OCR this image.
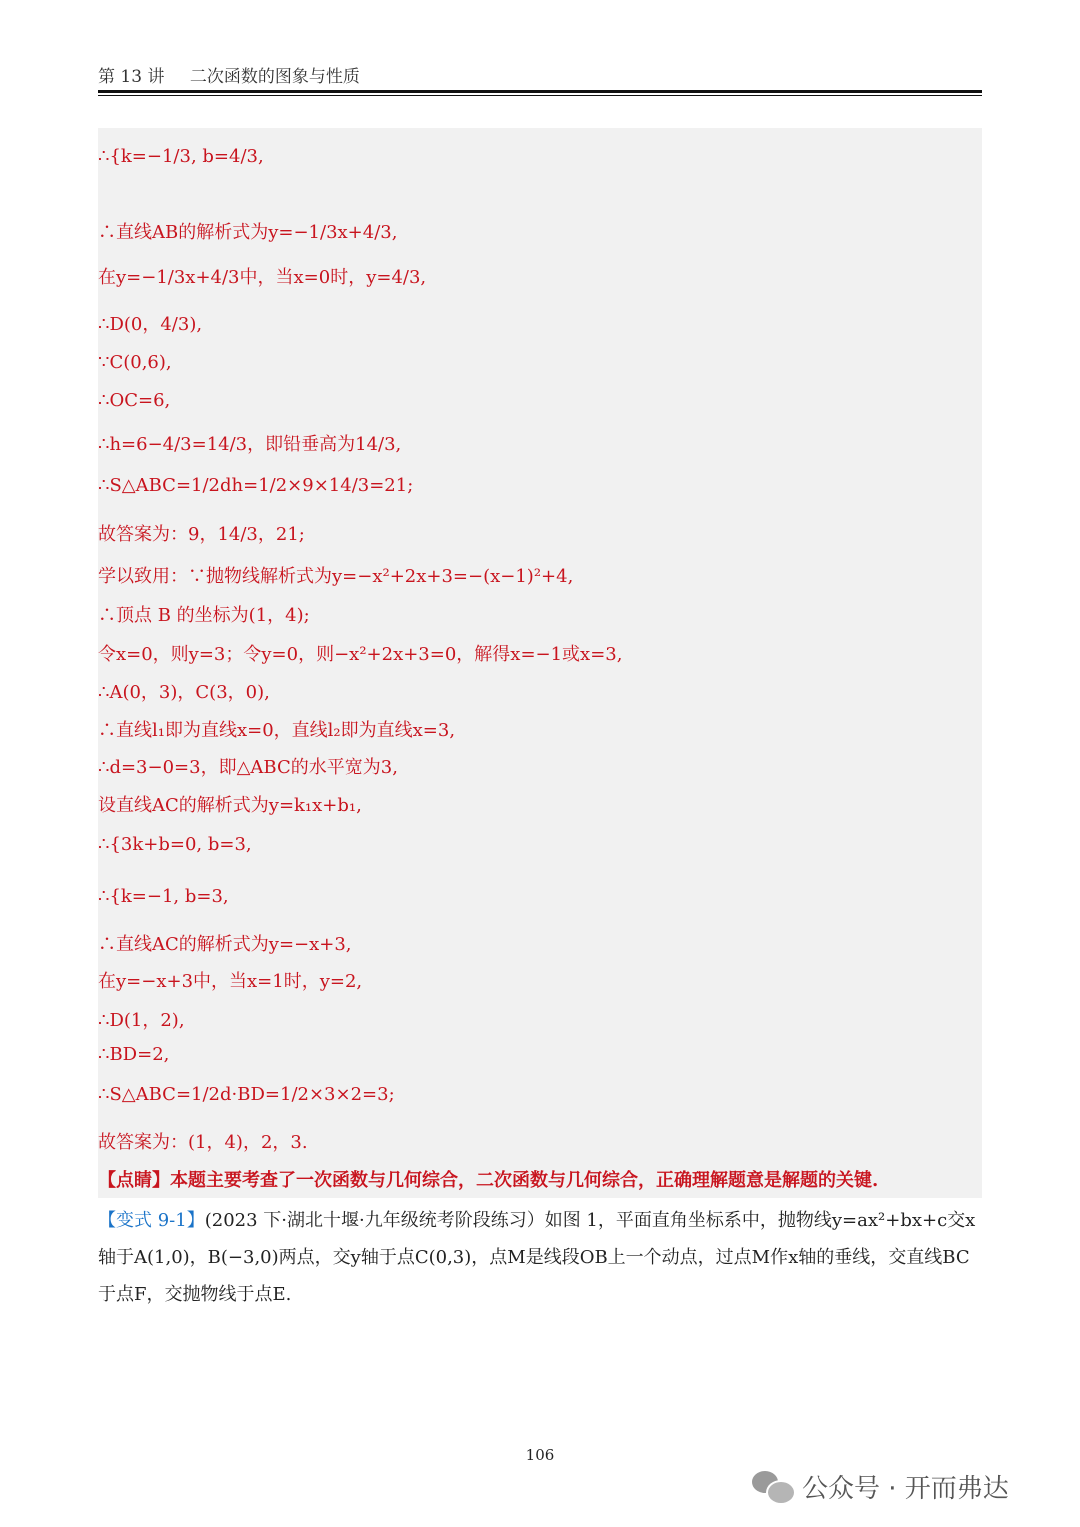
第 13 讲 二次函数的图象与性质
∴{k=−1/3, b=4/3,
∴直线AB的解析式为y=−1/3x+4/3,
在y=−1/3x+4/3中，当x=0时，y=4/3,
∴D(0，4/3),
∵C(0,6),
∴OC=6,
∴h=6−4/3=14/3，即铅垂高为14/3,
∴S△ABC=1/2dh=1/2×9×14/3=21;
故答案为：9，14/3，21;
学以致用：∵抛物线解析式为y=−x²+2x+3=−(x−1)²+4,
∴顶点 B 的坐标为(1，4);
令x=0，则y=3；令y=0，则−x²+2x+3=0，解得x=−1或x=3,
∴A(0，3)，C(3，0),
∴直线l₁即为直线x=0，直线l₂即为直线x=3,
∴d=3−0=3，即△ABC的水平宽为3,
设直线AC的解析式为y=k₁x+b₁,
∴{3k+b=0, b=3,
∴{k=−1, b=3,
∴直线AC的解析式为y=−x+3,
在y=−x+3中，当x=1时，y=2,
∴D(1，2),
∴BD=2,
∴S△ABC=1/2d·BD=1/2×3×2=3;
故答案为：(1，4)，2，3.
【点睛】本题主要考查了一次函数与几何综合，二次函数与几何综合，正确理解题意是解题的关键.
【变式 9-1】(2023 下·湖北十堰·九年级统考阶段练习）如图 1，平面直角坐标系中，抛物线y=ax²+bx+c交x轴于A(1,0)，B(−3,0)两点，交y轴于点C(0,3)，点M是线段OB上一个动点，过点M作x轴的垂线，交直线BC于点F，交抛物线于点E.
106
公众号 · 开而弗达
